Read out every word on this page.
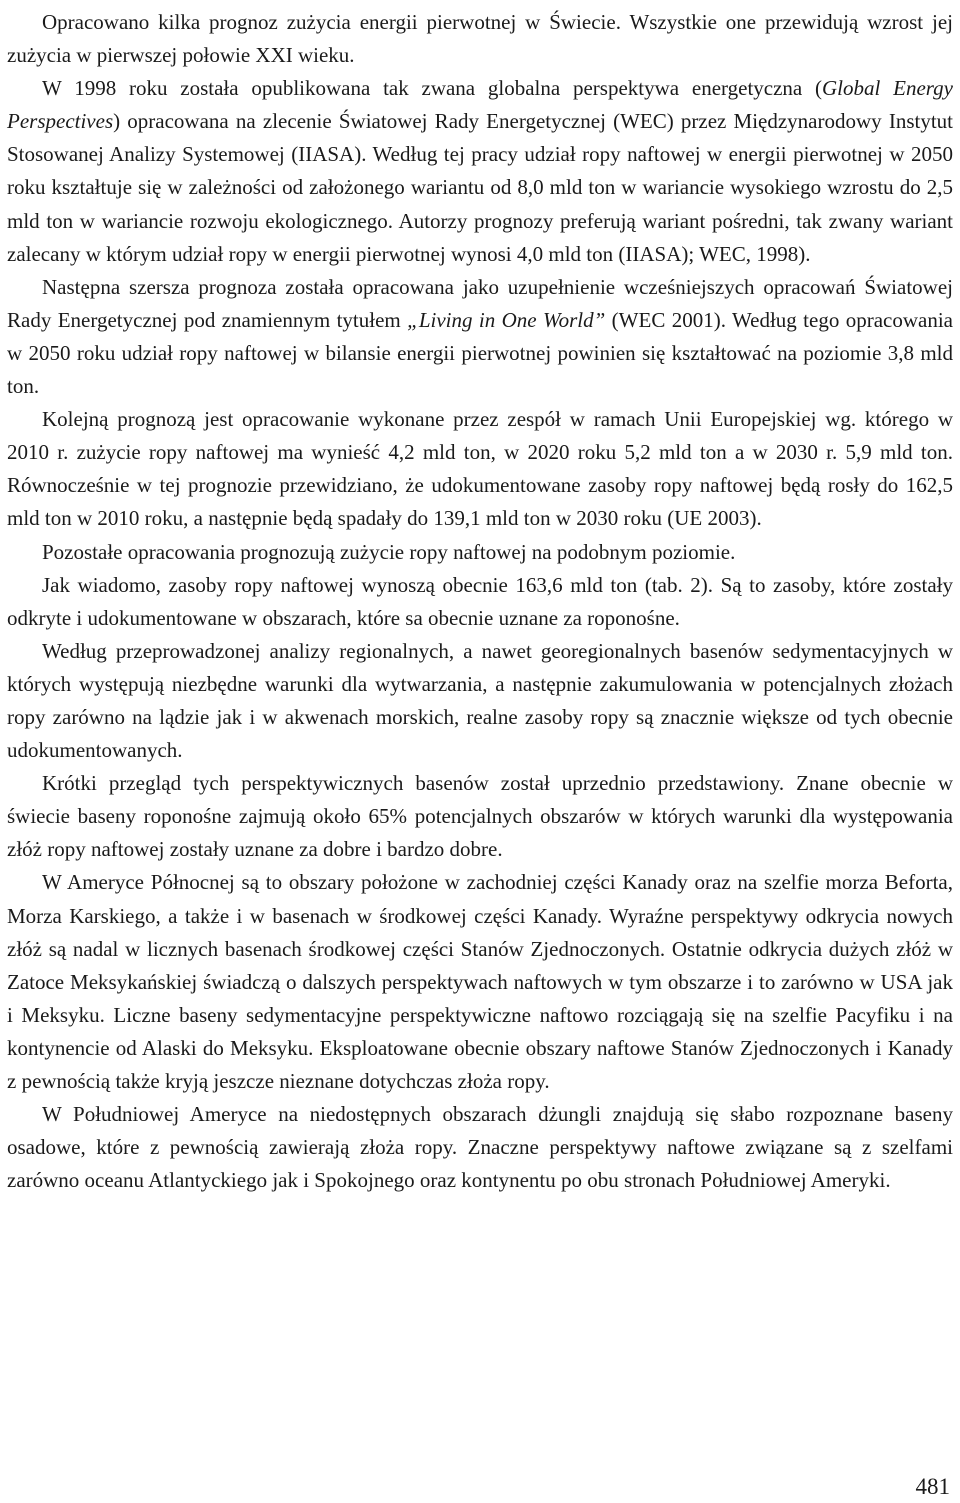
Opracowano kilka prognoz zużycia energii pierwotnej w Świecie. Wszystkie one przewidują wzrost jej zużycia w pierwszej połowie XXI wieku.

W 1998 roku została opublikowana tak zwana globalna perspektywa energetyczna (Global Energy Perspectives) opracowana na zlecenie Światowej Rady Energetycznej (WEC) przez Międzynarodowy Instytut Stosowanej Analizy Systemowej (IIASA). Według tej pracy udział ropy naftowej w energii pierwotnej w 2050 roku kształtuje się w zależności od założonego wariantu od 8,0 mld ton w wariancie wysokiego wzrostu do 2,5 mld ton w wariancie rozwoju ekologicznego. Autorzy prognozy preferują wariant pośredni, tak zwany wariant zalecany w którym udział ropy w energii pierwotnej wynosi 4,0 mld ton (IIASA); WEC, 1998).

Następna szersza prognoza została opracowana jako uzupełnienie wcześniejszych opracowań Światowej Rady Energetycznej pod znamiennym tytułem „Living in One World” (WEC 2001). Według tego opracowania w 2050 roku udział ropy naftowej w bilansie energii pierwotnej powinien się kształtować na poziomie 3,8 mld ton.

Kolejną prognozą jest opracowanie wykonane przez zespół w ramach Unii Europejskiej wg. którego w 2010 r. zużycie ropy naftowej ma wynieść 4,2 mld ton, w 2020 roku 5,2 mld ton a w 2030 r. 5,9 mld ton. Równocześnie w tej prognozie przewidziano, że udokumentowane zasoby ropy naftowej będą rosły do 162,5 mld ton w 2010 roku, a następnie będą spadały do 139,1 mld ton w 2030 roku (UE 2003).

Pozostałe opracowania prognozują zużycie ropy naftowej na podobnym poziomie.

Jak wiadomo, zasoby ropy naftowej wynoszą obecnie 163,6 mld ton (tab. 2). Są to zasoby, które zostały odkryte i udokumentowane w obszarach, które sa obecnie uznane za roponośne.

Według przeprowadzonej analizy regionalnych, a nawet georegionalnych basenów sedymentacyjnych w których występują niezbędne warunki dla wytwarzania, a następnie zakumulowania w potencjalnych złożach ropy zarówno na lądzie jak i w akwenach morskich, realne zasoby ropy są znacznie większe od tych obecnie udokumentowanych.

Krótki przegląd tych perspektywicznych basenów został uprzednio przedstawiony. Znane obecnie w świecie baseny roponośne zajmują około 65% potencjalnych obszarów w których warunki dla występowania złóż ropy naftowej zostały uznane za dobre i bardzo dobre.

W Ameryce Północnej są to obszary położone w zachodniej części Kanady oraz na szelfie morza Beforta, Morza Karskiego, a także i w basenach w środkowej części Kanady. Wyraźne perspektywy odkrycia nowych złóż są nadal w licznych basenach środkowej części Stanów Zjednoczonych. Ostatnie odkrycia dużych złóż w Zatoce Meksykańskiej świadczą o dalszych perspektywach naftowych w tym obszarze i to zarówno w USA jak i Meksyku. Liczne baseny sedymentacyjne perspektywiczne naftowo rozciągają się na szelfie Pacyfiku i na kontynencie od Alaski do Meksyku. Eksploatowane obecnie obszary naftowe Stanów Zjednoczonych i Kanady z pewnością także kryją jeszcze nieznane dotychczas złoża ropy.

W Południowej Ameryce na niedostępnych obszarach dżungli znajdują się słabo rozpoznane baseny osadowe, które z pewnością zawierają złoża ropy. Znaczne perspektywy naftowe związane są z szelfami zarówno oceanu Atlantyckiego jak i Spokojnego oraz kontynentu po obu stronach Południowej Ameryki.

481
